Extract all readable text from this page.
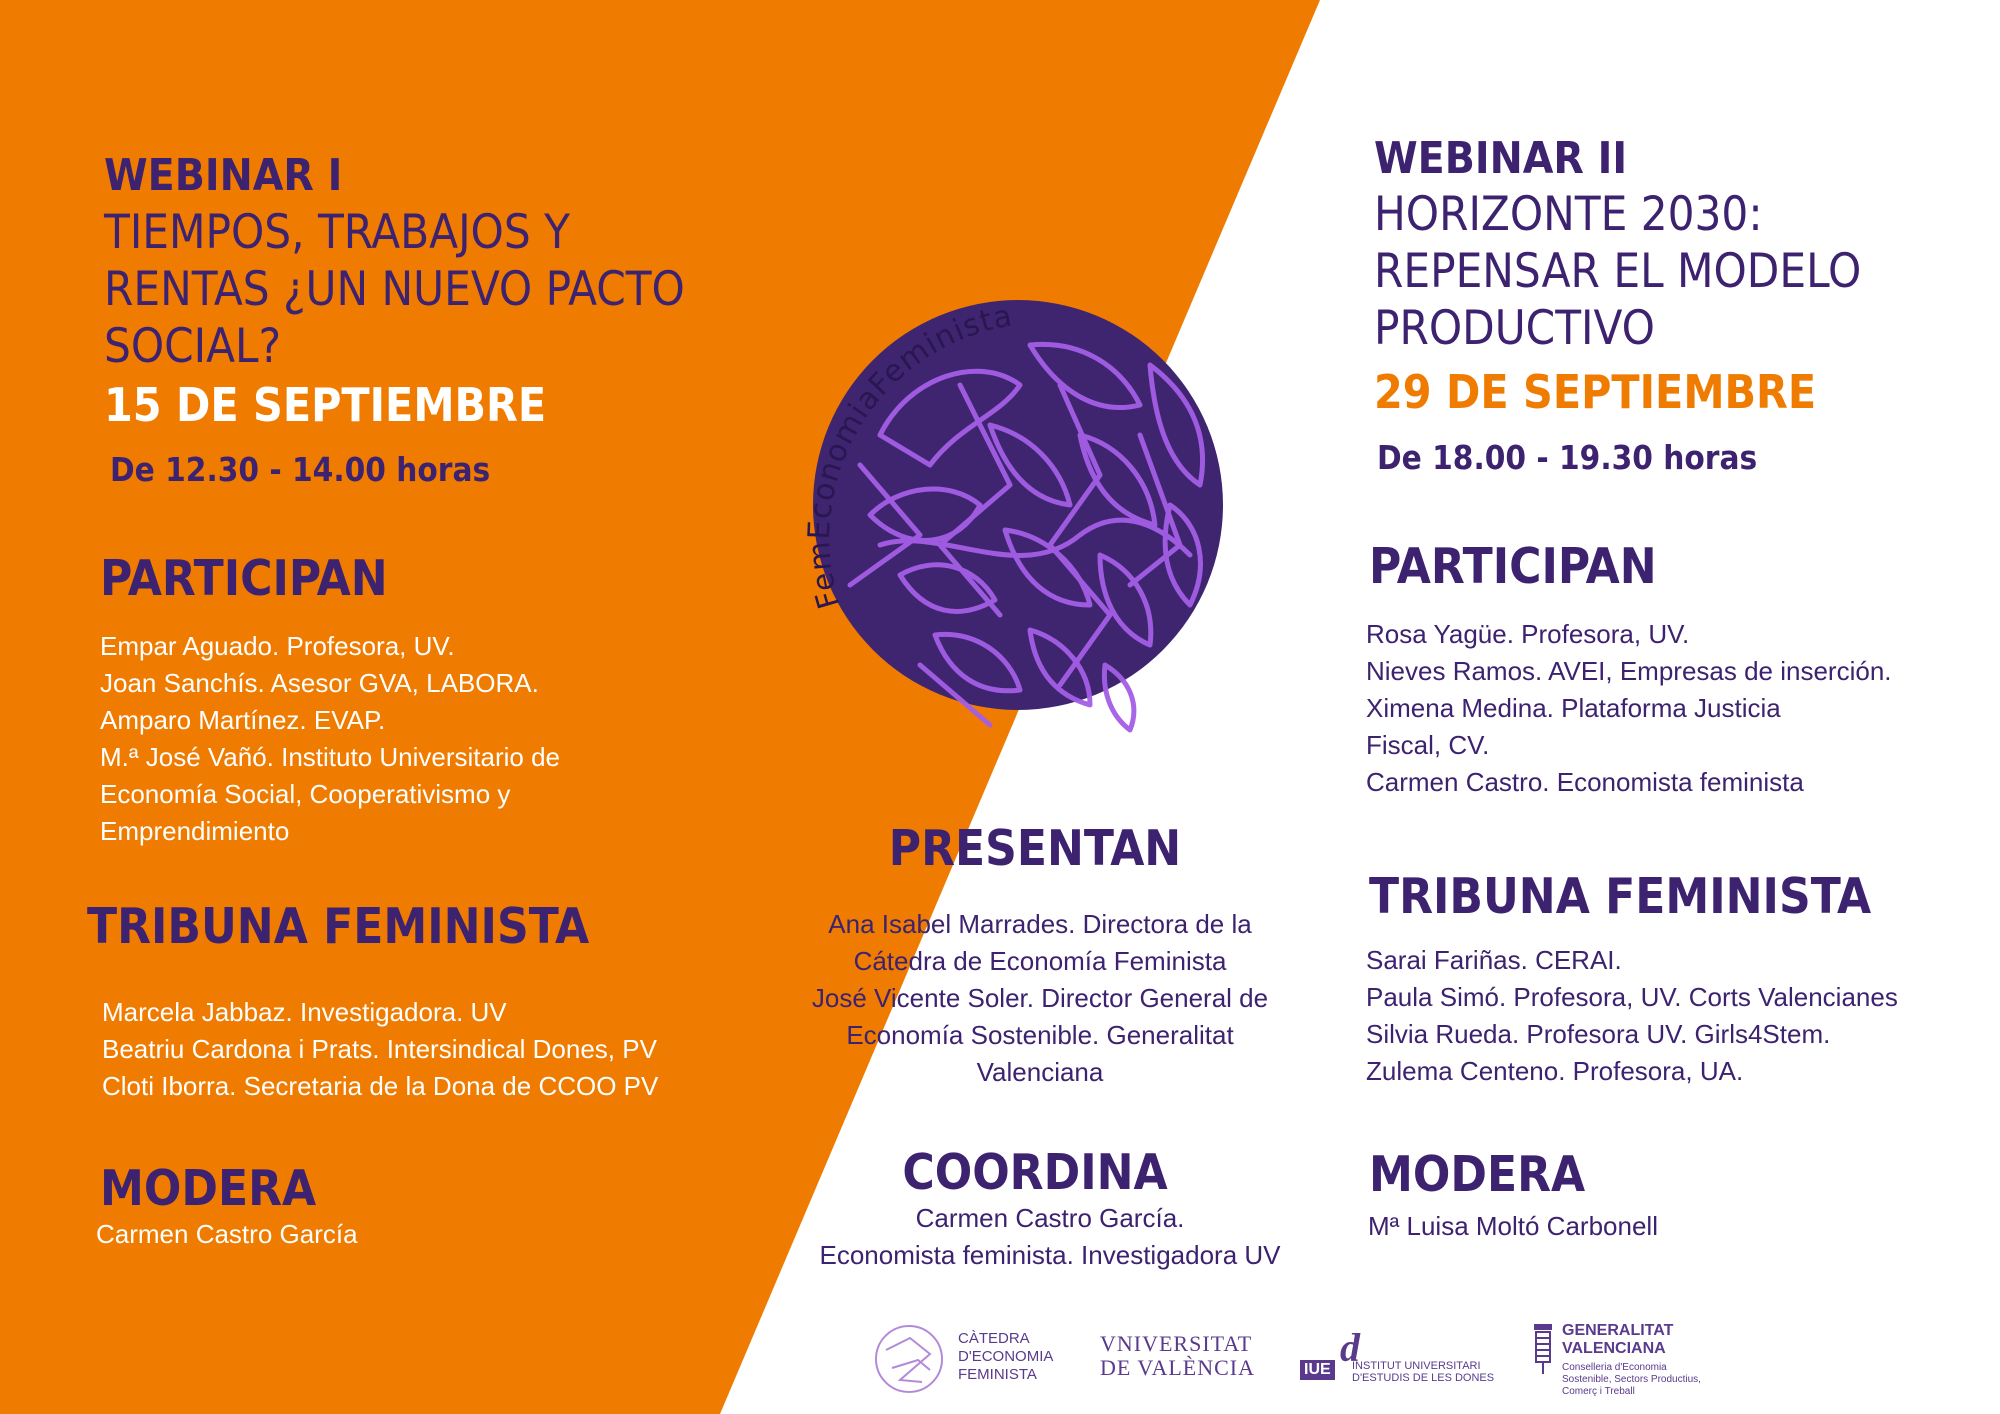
FemEconomiaFeminista
WEBINAR I
TIEMPOS, TRABAJOS Y
RENTAS ¿UN NUEVO PACTO
SOCIAL?
15 DE SEPTIEMBRE
De 12.30 - 14.00 horas
PARTICIPAN
Empar Aguado. Profesora, UV.
Joan Sanchís. Asesor GVA, LABORA.
Amparo Martínez. EVAP.
M.ª José Vañó. Instituto Universitario de
Economía Social, Cooperativismo y
Emprendimiento
TRIBUNA FEMINISTA
Marcela Jabbaz. Investigadora. UV
Beatriu Cardona i Prats. Intersindical Dones, PV
Cloti Iborra. Secretaria de la Dona de CCOO PV
MODERA
Carmen Castro García
WEBINAR II
HORIZONTE 2030:
REPENSAR EL MODELO
PRODUCTIVO
29 DE SEPTIEMBRE
De 18.00 - 19.30 horas
PARTICIPAN
Rosa Yagüe. Profesora, UV.
Nieves Ramos. AVEI, Empresas de inserción.
Ximena Medina. Plataforma Justicia
Fiscal, CV.
Carmen Castro. Economista feminista
TRIBUNA FEMINISTA
Sarai Fariñas. CERAI.
Paula Simó. Profesora, UV. Corts Valencianes
Silvia Rueda. Profesora UV. Girls4Stem.
Zulema Centeno. Profesora, UA.
MODERA
Mª Luisa Moltó Carbonell
PRESENTAN
Ana Isabel Marrades. Directora de la
Cátedra de Economía Feminista
José Vicente Soler. Director General de
Economía Sostenible. Generalitat
Valenciana
COORDINA
Carmen Castro García.
Economista feminista. Investigadora UV
CÀTEDRA
D'ECONOMIA
FEMINISTA
VNIVERSITAT
DE VALÈNCIA d
IUE	INSTITUT UNIVERSITARI
D'ESTUDIS DE LES DONES
GENERALITAT
VALENCIANA
Conselleria d'Economia
Sostenible, Sectors Productius,
Comerç i Treball
